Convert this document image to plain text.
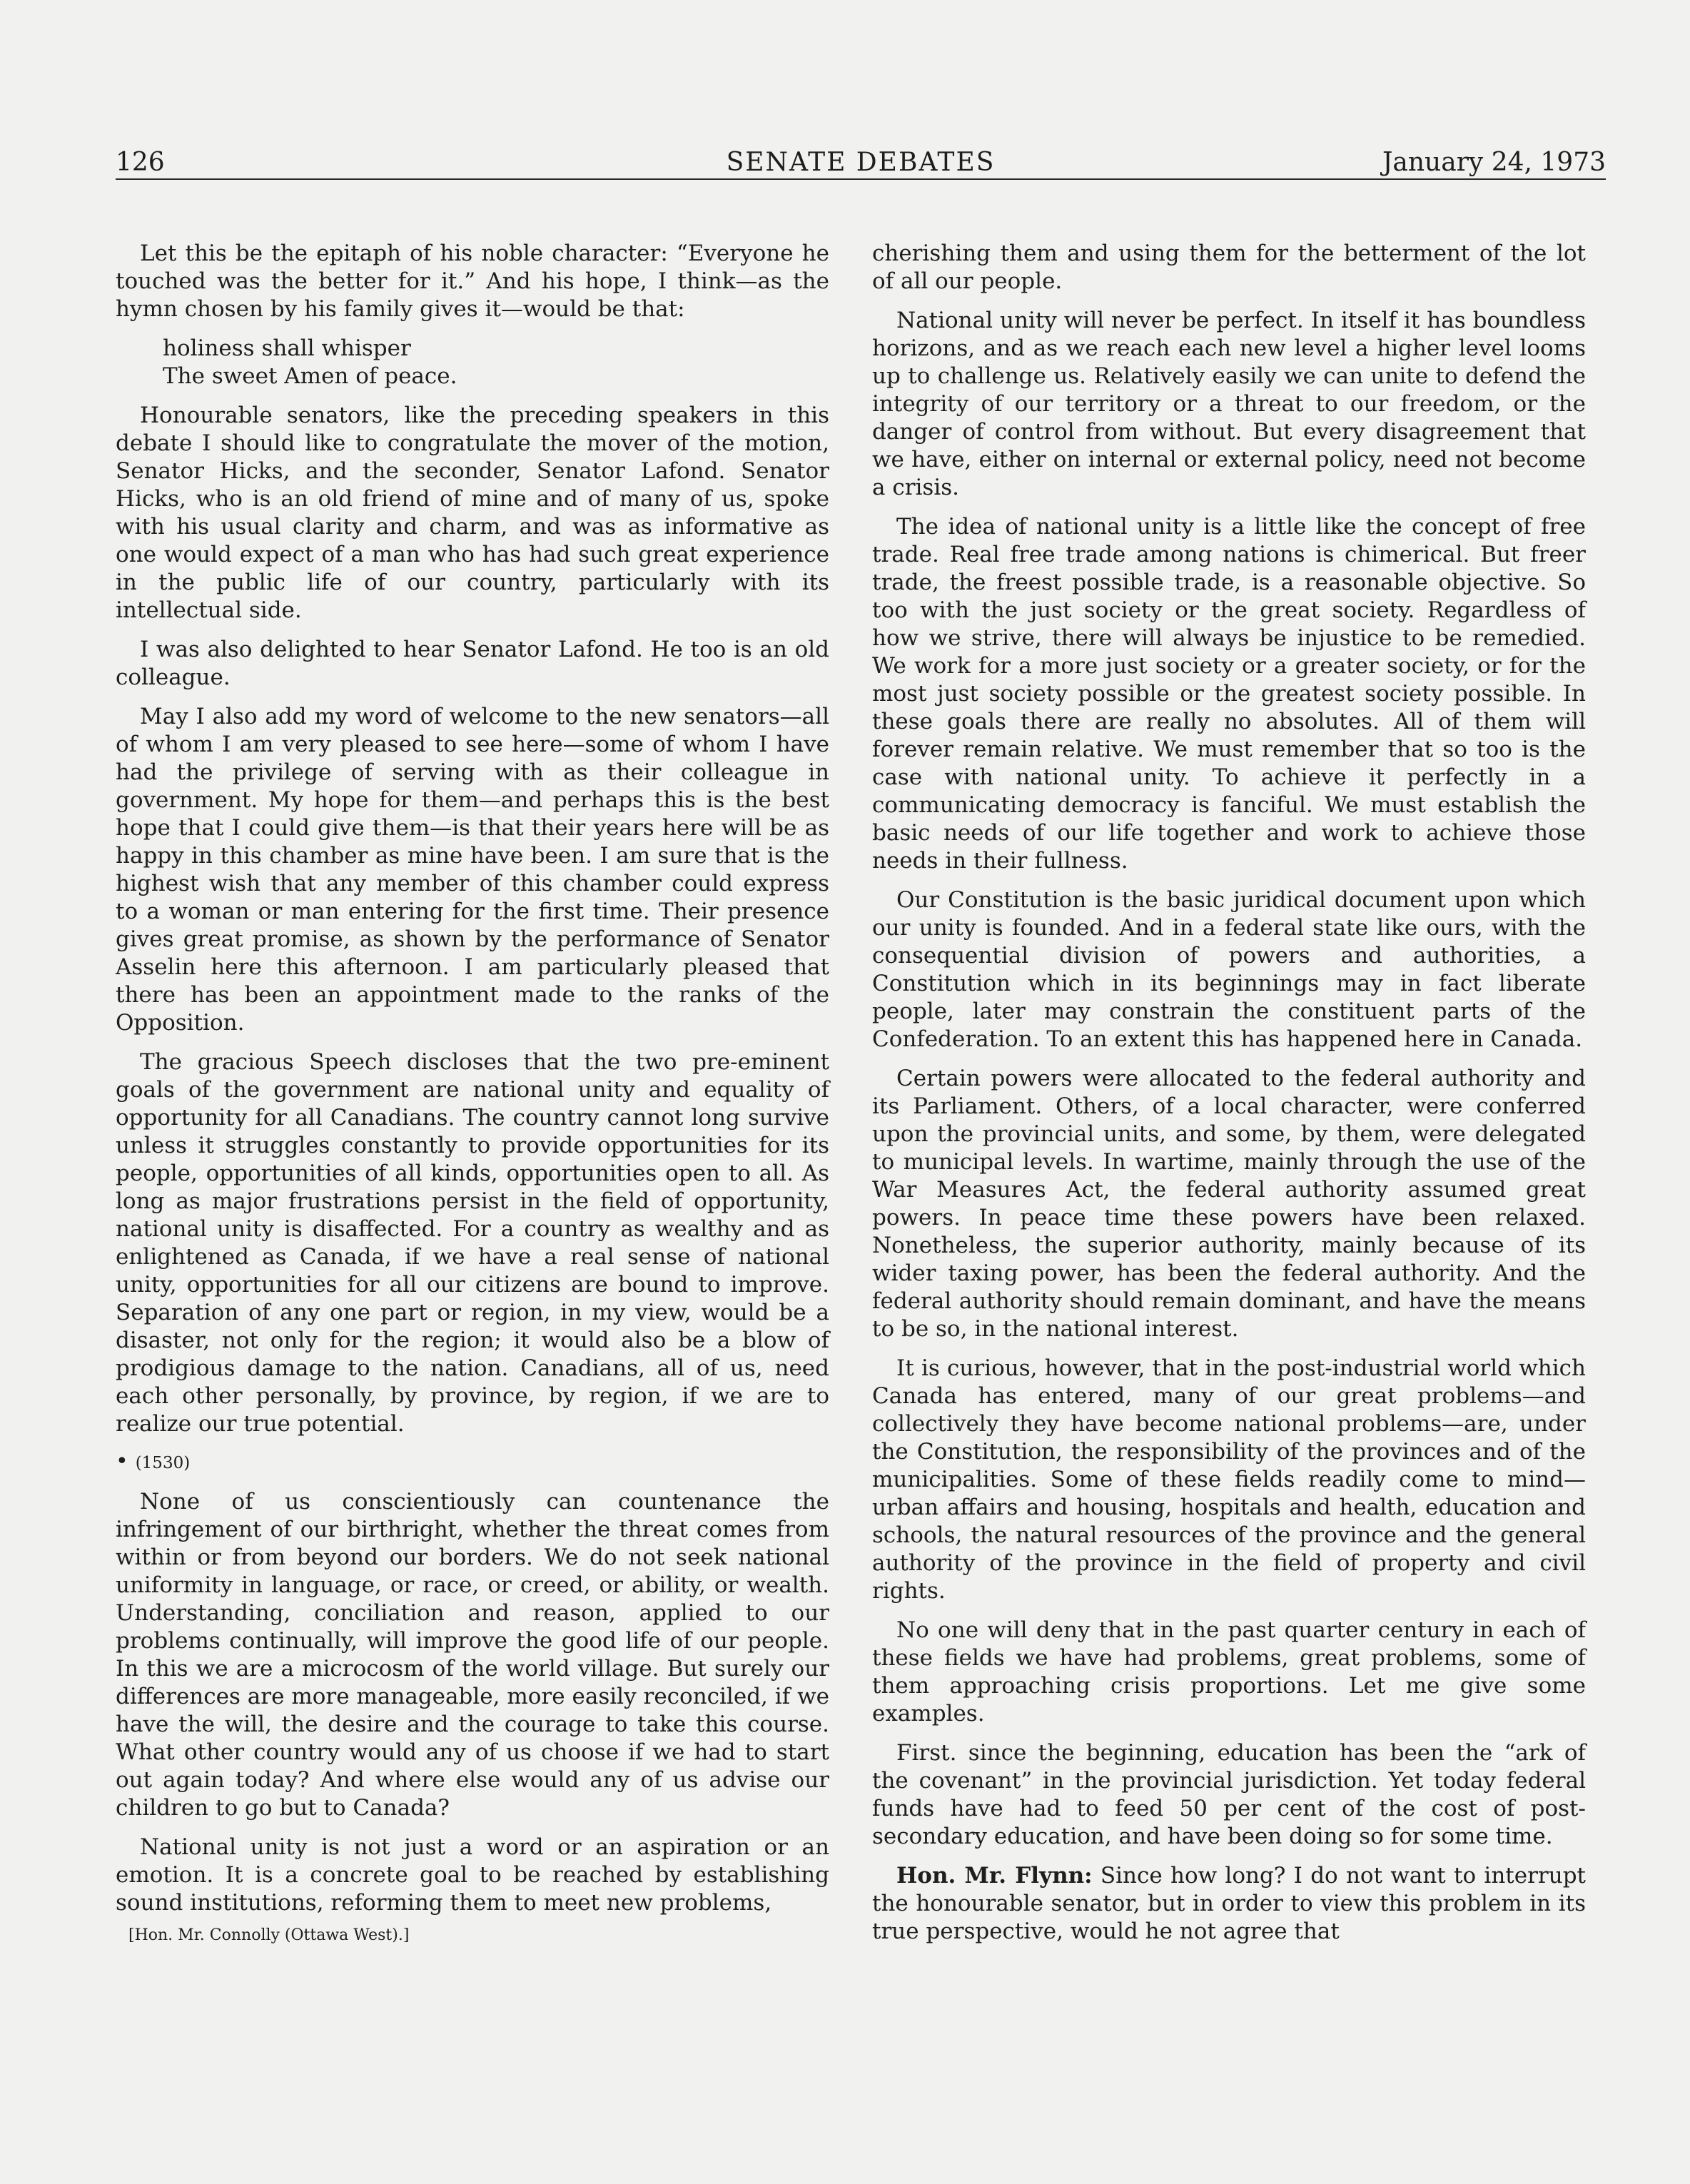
126	SENATE DEBATES	January 24, 1973

Let this be the epitaph of his noble character: “Everyone he touched was the better for it.” And his hope, I think—as the hymn chosen by his family gives it—would be that:

holiness shall whisper
The sweet Amen of peace.

Honourable senators, like the preceding speakers in this debate I should like to congratulate the mover of the motion, Senator Hicks, and the seconder, Senator Lafond. Senator Hicks, who is an old friend of mine and of many of us, spoke with his usual clarity and charm, and was as informative as one would expect of a man who has had such great experience in the public life of our country, particularly with its intellectual side.

I was also delighted to hear Senator Lafond. He too is an old colleague.

May I also add my word of welcome to the new senators—all of whom I am very pleased to see here—some of whom I have had the privilege of serving with as their colleague in government. My hope for them—and perhaps this is the best hope that I could give them—is that their years here will be as happy in this chamber as mine have been. I am sure that is the highest wish that any member of this chamber could express to a woman or man entering for the first time. Their presence gives great promise, as shown by the performance of Senator Asselin here this afternoon. I am particularly pleased that there has been an appointment made to the ranks of the Opposition.

The gracious Speech discloses that the two pre-eminent goals of the government are national unity and equality of opportunity for all Canadians. The country cannot long survive unless it struggles constantly to provide opportunities for its people, opportunities of all kinds, opportunities open to all. As long as major frustrations persist in the field of opportunity, national unity is disaffected. For a country as wealthy and as enlightened as Canada, if we have a real sense of national unity, opportunities for all our citizens are bound to improve. Separation of any one part or region, in my view, would be a disaster, not only for the region; it would also be a blow of prodigious damage to the nation. Canadians, all of us, need each other personally, by province, by region, if we are to realize our true potential.

• (1530)

None of us conscientiously can countenance the infringement of our birthright, whether the threat comes from within or from beyond our borders. We do not seek national uniformity in language, or race, or creed, or ability, or wealth. Understanding, conciliation and reason, applied to our problems continually, will improve the good life of our people. In this we are a microcosm of the world village. But surely our differences are more manageable, more easily reconciled, if we have the will, the desire and the courage to take this course. What other country would any of us choose if we had to start out again today? And where else would any of us advise our children to go but to Canada?

National unity is not just a word or an aspiration or an emotion. It is a concrete goal to be reached by establishing sound institutions, reforming them to meet new problems,

cherishing them and using them for the betterment of the lot of all our people.

National unity will never be perfect. In itself it has boundless horizons, and as we reach each new level a higher level looms up to challenge us. Relatively easily we can unite to defend the integrity of our territory or a threat to our freedom, or the danger of control from without. But every disagreement that we have, either on internal or external policy, need not become a crisis.

The idea of national unity is a little like the concept of free trade. Real free trade among nations is chimerical. But freer trade, the freest possible trade, is a reasonable objective. So too with the just society or the great society. Regardless of how we strive, there will always be injustice to be remedied. We work for a more just society or a greater society, or for the most just society possible or the greatest society possible. In these goals there are really no absolutes. All of them will forever remain relative. We must remember that so too is the case with national unity. To achieve it perfectly in a communicating democracy is fanciful. We must establish the basic needs of our life together and work to achieve those needs in their fullness.

Our Constitution is the basic juridical document upon which our unity is founded. And in a federal state like ours, with the consequential division of powers and authorities, a Constitution which in its beginnings may in fact liberate people, later may constrain the constituent parts of the Confederation. To an extent this has happened here in Canada.

Certain powers were allocated to the federal authority and its Parliament. Others, of a local character, were conferred upon the provincial units, and some, by them, were delegated to municipal levels. In wartime, mainly through the use of the War Measures Act, the federal authority assumed great powers. In peace time these powers have been relaxed. Nonetheless, the superior authority, mainly because of its wider taxing power, has been the federal authority. And the federal authority should remain dominant, and have the means to be so, in the national interest.

It is curious, however, that in the post-industrial world which Canada has entered, many of our great problems—and collectively they have become national problems—are, under the Constitution, the responsibility of the provinces and of the municipalities. Some of these fields readily come to mind—urban affairs and housing, hospitals and health, education and schools, the natural resources of the province and the general authority of the province in the field of property and civil rights.

No one will deny that in the past quarter century in each of these fields we have had problems, great problems, some of them approaching crisis proportions. Let me give some examples.

First. since the beginning, education has been the “ark of the covenant” in the provincial jurisdiction. Yet today federal funds have had to feed 50 per cent of the cost of post-secondary education, and have been doing so for some time.

Hon. Mr. Flynn: Since how long? I do not want to interrupt the honourable senator, but in order to view this problem in its true perspective, would he not agree that

[Hon. Mr. Connolly (Ottawa West).]
